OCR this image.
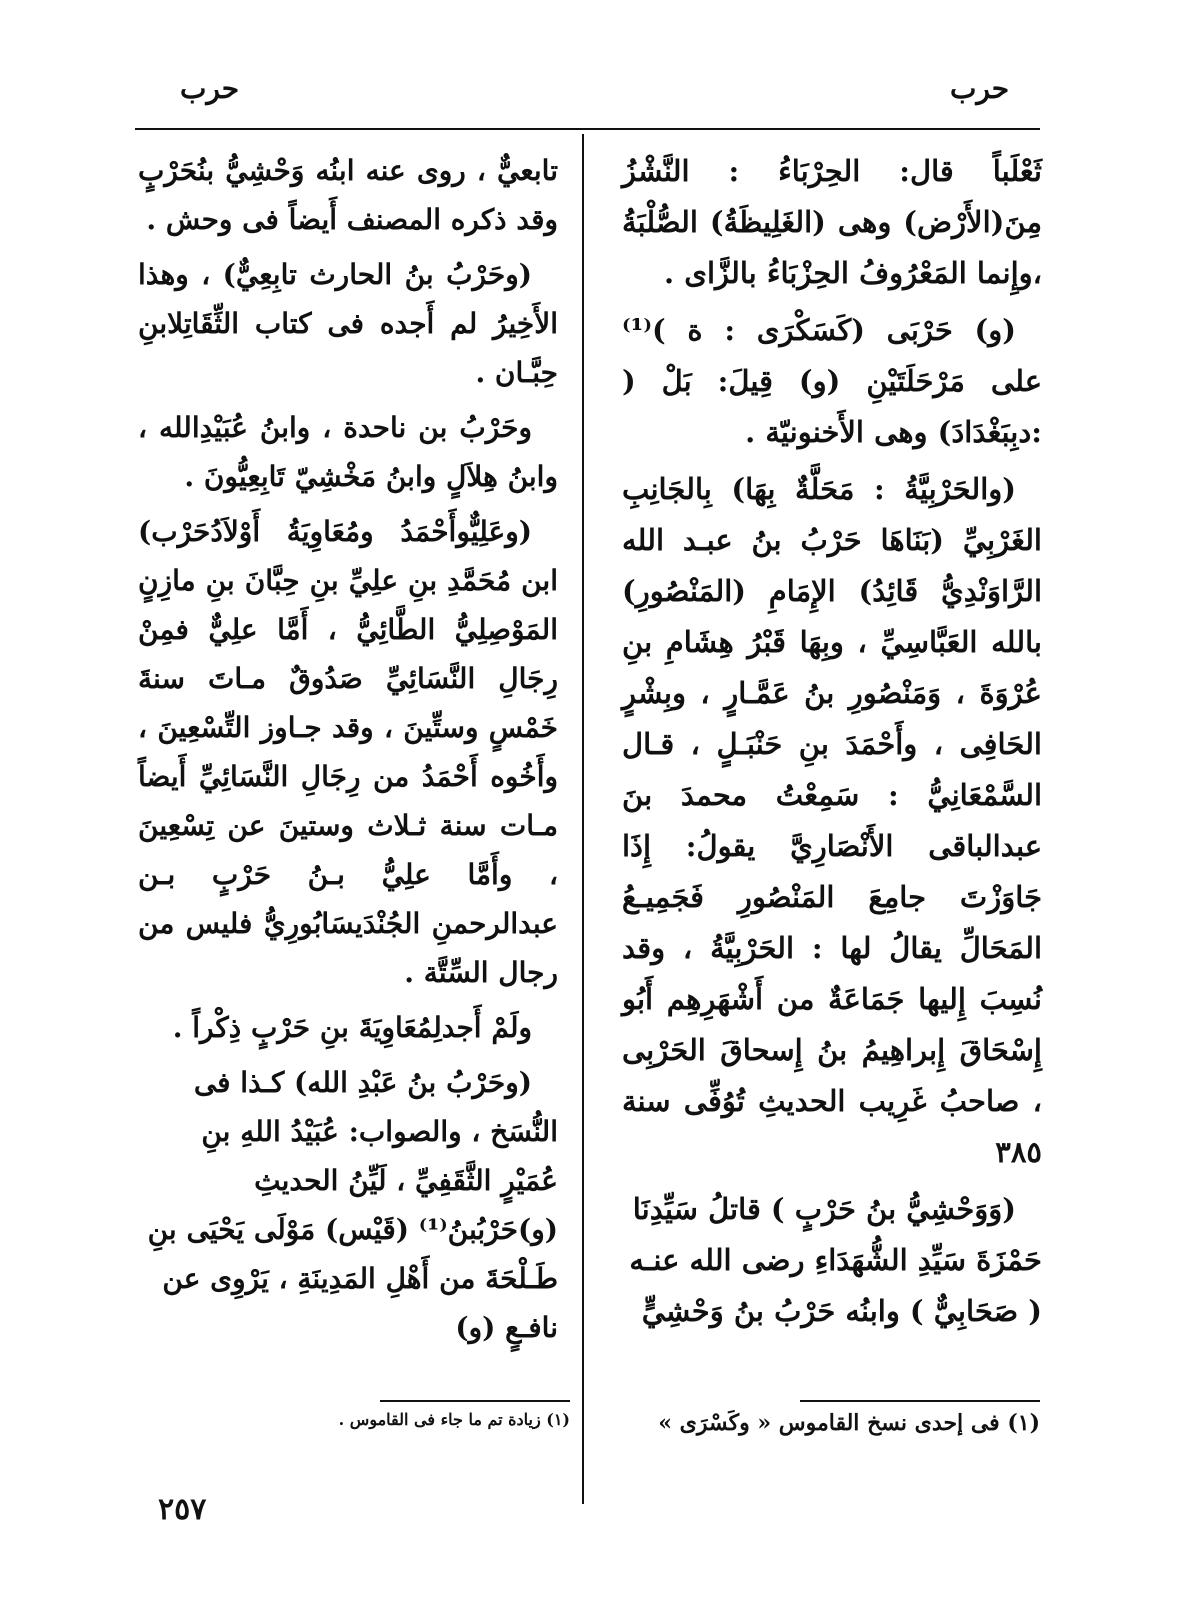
حرب
حرب

ثَعْلَباً قال: الحِرْبَاءُ : النَّشْزُ مِنَ(الأَرْض) وهى (الغَلِيظَةُ) الصُّلْبَةُ ،وإِنما المَعْرُوفُ الحِزْبَاءُ بالزَّاى .

(و) حَرْبَى (كَسَكْرَى : ة )⁽¹⁾ على مَرْحَلَتَيْنِ (و) قِيلَ: بَلْ ( :دبِبَغْدَادَ) وهى الأَخنونيّة .

(والحَرْبِيَّةُ : مَحَلَّةٌ بِهَا) بِالجَانِبِ الغَرْبِيِّ (بَنَاهَا حَرْبُ بنُ عبـد الله الرَّاوَنْدِيُّ قَائِدُ) الإِمَامِ (المَنْصُورِ) بالله العَبَّاسِيِّ ، وبِهَا قَبْرُ هِشَامِ بنِ عُرْوَةَ ، وَمَنْصُورِ بنُ عَمَّـارٍ ، وبِشْرٍ الحَافِى ، وأَحْمَدَ بنِ حَنْبَـلٍ ، قـال السَّمْعَانِيُّ : سَمِعْتُ محمدَ بنَ عبدالباقى الأَنْصَارِيَّ يقولُ: إِذَا جَاوَزْتَ جامِعَ المَنْصُورِ فَجَمِيـعُ المَحَالِّ يقالُ لها : الحَرْبِيَّةُ ، وقد نُسِبَ إِليها جَمَاعَةٌ من أَشْهَرِهِم أَبُو إِسْحَاقَ إِبراهِيمُ بنُ إِسحاقَ الحَرْبِى ، صاحبُ غَرِيب الحديثِ تُوُفِّى سنة ٣٨٥

(وَوَحْشِيُّ بنُ حَرْبٍ ) قاتلُ سَيِّدِنَا حَمْزَةَ سَيِّدِ الشُّهَدَاءِ رضى الله عنـه ( صَحَابِيٌّ ) وابنُه حَرْبُ بنُ وَحْشِيٍّ

تابعيٌّ ، روى عنه ابنُه وَحْشِيُّ بنُحَرْبٍ وقد ذكره المصنف أَيضاً فى وحش .

(وحَرْبُ بنُ الحارث تابِعِيٌّ) ، وهذا الأَخِيرُ لم أَجده فى كتاب الثِّقَاتِلابنِ حِبَّـان .

وحَرْبُ بن ناحدة ، وابنُ عُبَيْدِالله ، وابنُ هِلاَلٍ وابنُ مَخْشِيّ تَابِعِيُّونَ .

(وعَلِيٌّوأَحْمَدُ ومُعَاوِيَةُ أَوْلاَدُحَرْب) ابن مُحَمَّدِ بنِ علِيِّ بنِ حِبَّانَ بنِ مازِنٍ المَوْصِلِيُّ الطَّائِيُّ ، أَمَّا علِيٌّ فمِنْ رِجَالِ النَّسَائِيِّ صَدُوقٌ مـاتَ سنةَ خَمْسٍ وستِّينَ ، وقد جـاوز التِّسْعِينَ ، وأَخُوه أَحْمَدُ من رِجَالِ النَّسَائِيِّ أَيضاً مـات سنة ثـلاث وستينَ عن تِسْعِينَ ، وأَمَّا علِيُّ بـنُ حَرْبٍ بـن عبدالرحمنِ الجُنْدَيسَابُورِيُّ فليس من رجال السِّتَّة .

ولَمْ أَجدلِمُعَاوِيَةَ بنِ حَرْبٍ ذِكْراً .

(وحَرْبُ بنُ عَبْدِ الله) كـذا فى النُّسَخ ، والصواب: عُبَيْدُ اللهِ بنِ عُمَيْرٍ الثَّقَفِيِّ ، لَيِّنُ الحديثِ (و)حَرْبُبنُ⁽¹⁾ (قَيْس) مَوْلَى يَحْيَى بنِ طَـلْحَةَ من أَهْلِ المَدِينَةِ ، يَرْوِى عن نافـعٍ (و)

(١) فى إحدى نسخ القاموس « وكَسْرَى »
(١) زيادة تم ما جاء فى القاموس .
٢٥٧
